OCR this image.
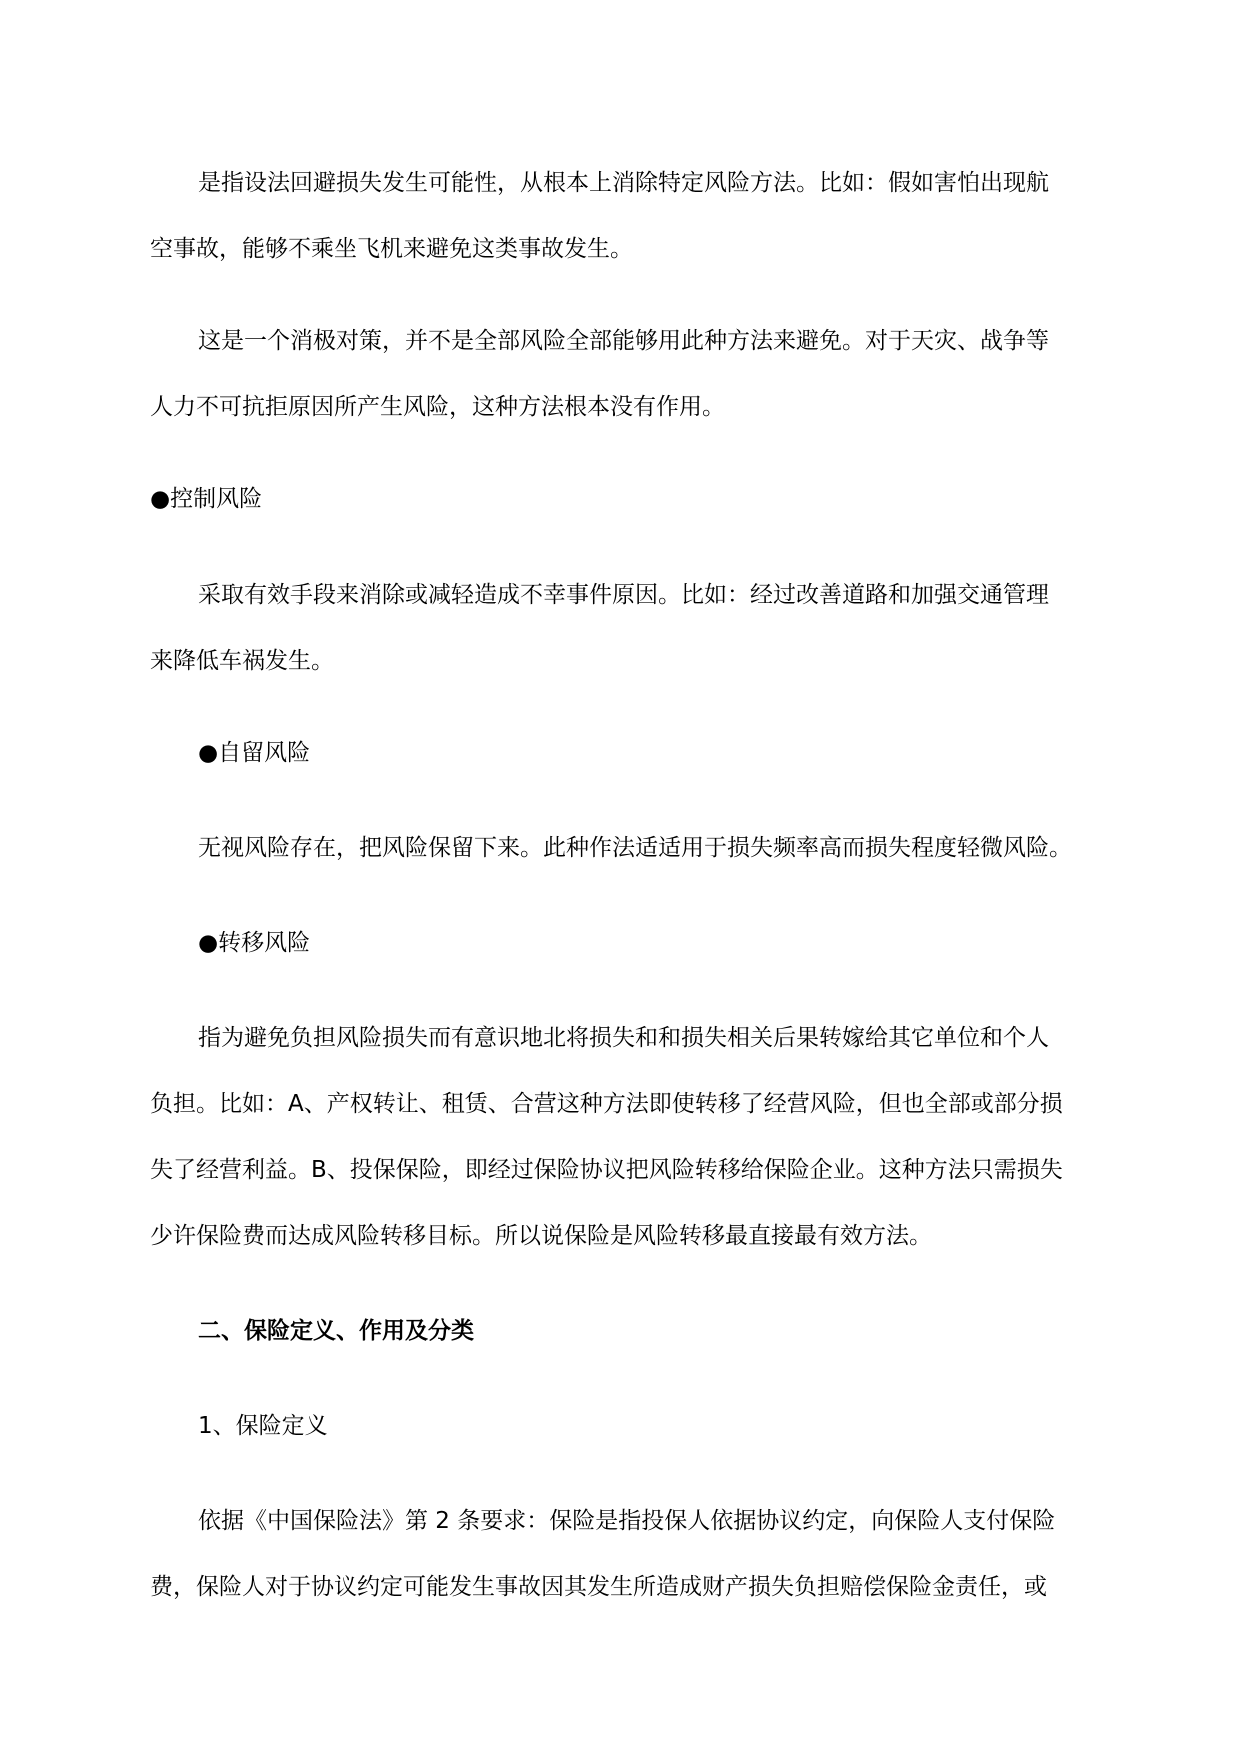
是指设法回避损失发生可能性，从根本上消除特定风险方法。比如：假如害怕出现航
空事故，能够不乘坐飞机来避免这类事故发生。
这是一个消极对策，并不是全部风险全部能够用此种方法来避免。对于天灾、战争等
人力不可抗拒原因所产生风险，这种方法根本没有作用。
●控制风险
采取有效手段来消除或减轻造成不幸事件原因。比如：经过改善道路和加强交通管理
来降低车祸发生。
●自留风险
无视风险存在，把风险保留下来。此种作法适适用于损失频率高而损失程度轻微风险。
●转移风险
指为避免负担风险损失而有意识地北将损失和和损失相关后果转嫁给其它单位和个人
负担。比如：A、产权转让、租赁、合营这种方法即使转移了经营风险，但也全部或部分损
失了经营利益。B、投保保险，即经过保险协议把风险转移给保险企业。这种方法只需损失
少许保险费而达成风险转移目标。所以说保险是风险转移最直接最有效方法。
二、保险定义、作用及分类
1、保险定义
依据《中国保险法》第 2 条要求：保险是指投保人依据协议约定，向保险人支付保险
费，保险人对于协议约定可能发生事故因其发生所造成财产损失负担赔偿保险金责任，或
